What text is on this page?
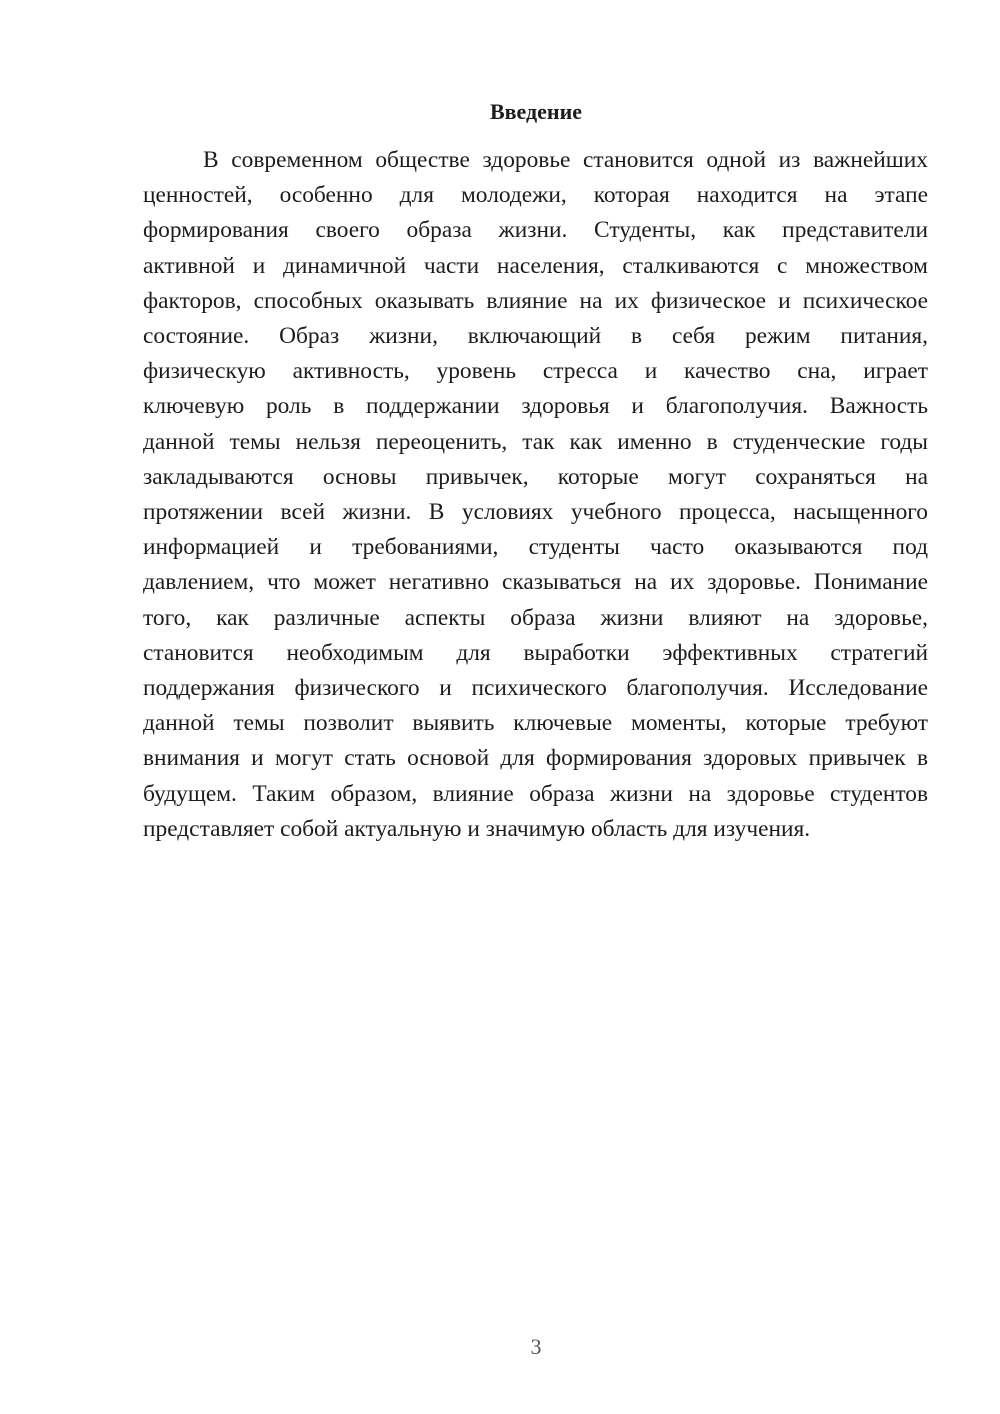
Введение
В современном обществе здоровье становится одной из важнейших
ценностей, особенно для молодежи, которая находится на этапе
формирования своего образа жизни. Студенты, как представители
активной и динамичной части населения, сталкиваются с множеством
факторов, способных оказывать влияние на их физическое и психическое
состояние. Образ жизни, включающий в себя режим питания,
физическую активность, уровень стресса и качество сна, играет
ключевую роль в поддержании здоровья и благополучия. Важность
данной темы нельзя переоценить, так как именно в студенческие годы
закладываются основы привычек, которые могут сохраняться на
протяжении всей жизни. В условиях учебного процесса, насыщенного
информацией и требованиями, студенты часто оказываются под
давлением, что может негативно сказываться на их здоровье. Понимание
того, как различные аспекты образа жизни влияют на здоровье,
становится необходимым для выработки эффективных стратегий
поддержания физического и психического благополучия. Исследование
данной темы позволит выявить ключевые моменты, которые требуют
внимания и могут стать основой для формирования здоровых привычек в
будущем. Таким образом, влияние образа жизни на здоровье студентов
представляет собой актуальную и значимую область для изучения.
3
